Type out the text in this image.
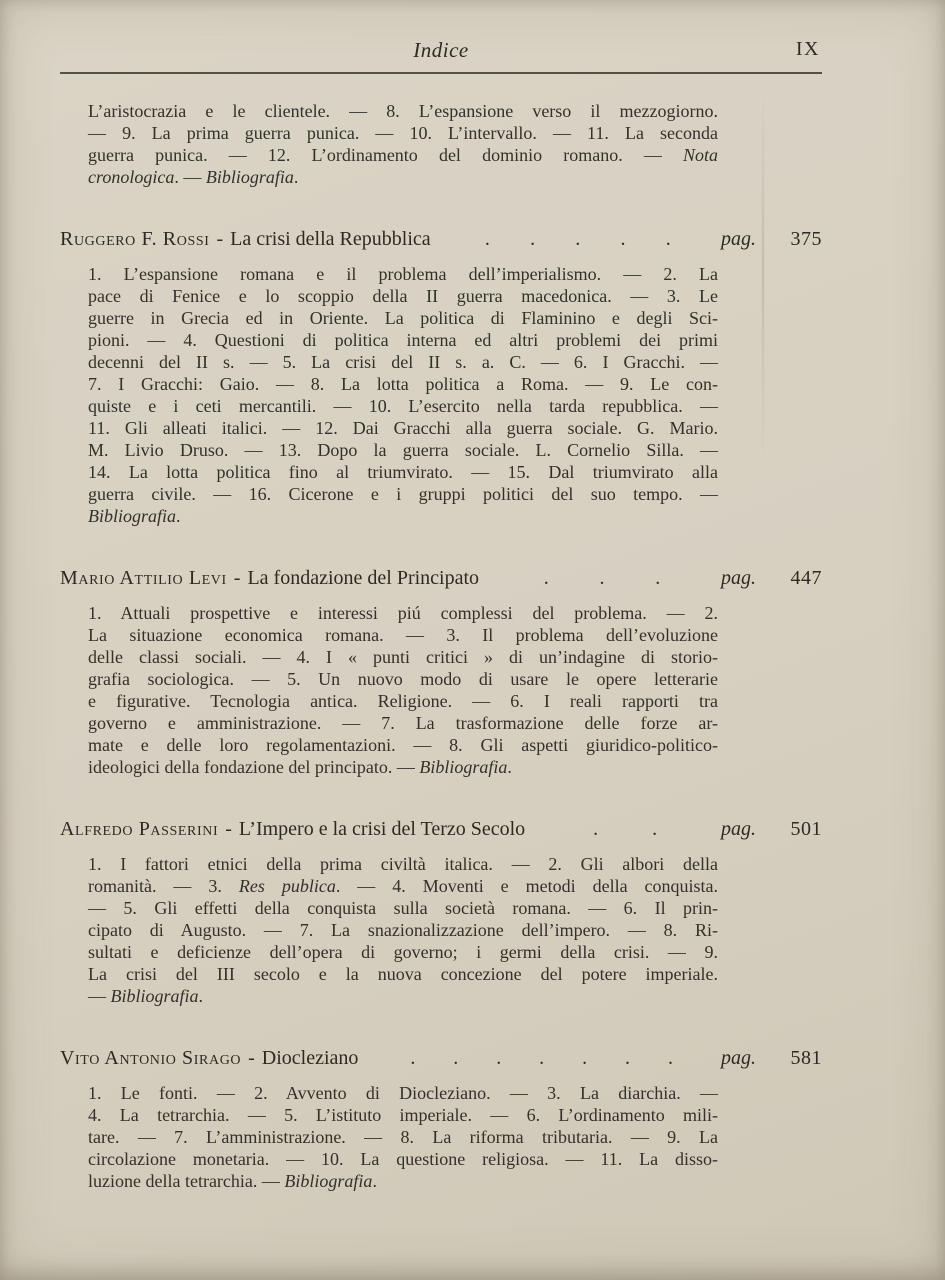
Indice	IX
L’aristocrazia e le clientele. — 8. L’espansione verso il mezzogiorno.
— 9. La prima guerra punica. — 10. L’intervallo. — 11. La seconda
guerra punica. — 12. L’ordinamento del dominio romano. — Nota
cronologica. — Bibliografia.
Ruggero F. Rossi - La crisi della Repubblica	. . . . .	pag.	375
1. L’espansione romana e il problema dell’imperialismo. — 2. La
pace di Fenice e lo scoppio della II guerra macedonica. — 3. Le
guerre in Grecia ed in Oriente. La politica di Flaminino e degli Sci-
pioni. — 4. Questioni di politica interna ed altri problemi dei primi
decenni del II s. — 5. La crisi del II s. a. C. — 6. I Gracchi. —
7. I Gracchi: Gaio. — 8. La lotta politica a Roma. — 9. Le con-
quiste e i ceti mercantili. — 10. L’esercito nella tarda repubblica. —
11. Gli alleati italici. — 12. Dai Gracchi alla guerra sociale. G. Mario.
M. Livio Druso. — 13. Dopo la guerra sociale. L. Cornelio Silla. —
14. La lotta politica fino al triumvirato. — 15. Dal triumvirato alla
guerra civile. — 16. Cicerone e i gruppi politici del suo tempo. —
Bibliografia.
Mario Attilio Levi - La fondazione del Principato	.	.	.	pag.	447
1. Attuali prospettive e interessi piú complessi del problema. — 2.
La situazione economica romana. — 3. Il problema dell’evoluzione
delle classi sociali. — 4. I « punti critici » di un’indagine di storio-
grafia sociologica. — 5. Un nuovo modo di usare le opere letterarie
e figurative. Tecnologia antica. Religione. — 6. I reali rapporti tra
governo e amministrazione. — 7. La trasformazione delle forze ar-
mate e delle loro regolamentazioni. — 8. Gli aspetti giuridico-politico-
ideologici della fondazione del principato. — Bibliografia.
Alfredo Passerini - L’Impero e la crisi del Terzo Secolo	.	.	pag.	501
1. I fattori etnici della prima civiltà italica. — 2. Gli albori della
romanità. — 3. Res publica. — 4. Moventi e metodi della conquista.
— 5. Gli effetti della conquista sulla società romana. — 6. Il prin-
cipato di Augusto. — 7. La snazionalizzazione dell’impero. — 8. Ri-
sultati e deficienze dell’opera di governo; i germi della crisi. — 9.
La crisi del III secolo e la nuova concezione del potere imperiale.
— Bibliografia.
Vito Antonio Sirago - Diocleziano	. . . . . . . pag.	581
1. Le fonti. — 2. Avvento di Diocleziano. — 3. La diarchia. —
4. La tetrarchia. — 5. L’istituto imperiale. — 6. L’ordinamento mili-
tare. — 7. L’amministrazione. — 8. La riforma tributaria. — 9. La
circolazione monetaria. — 10. La questione religiosa. — 11. La disso-
luzione della tetrarchia. — Bibliografia.
